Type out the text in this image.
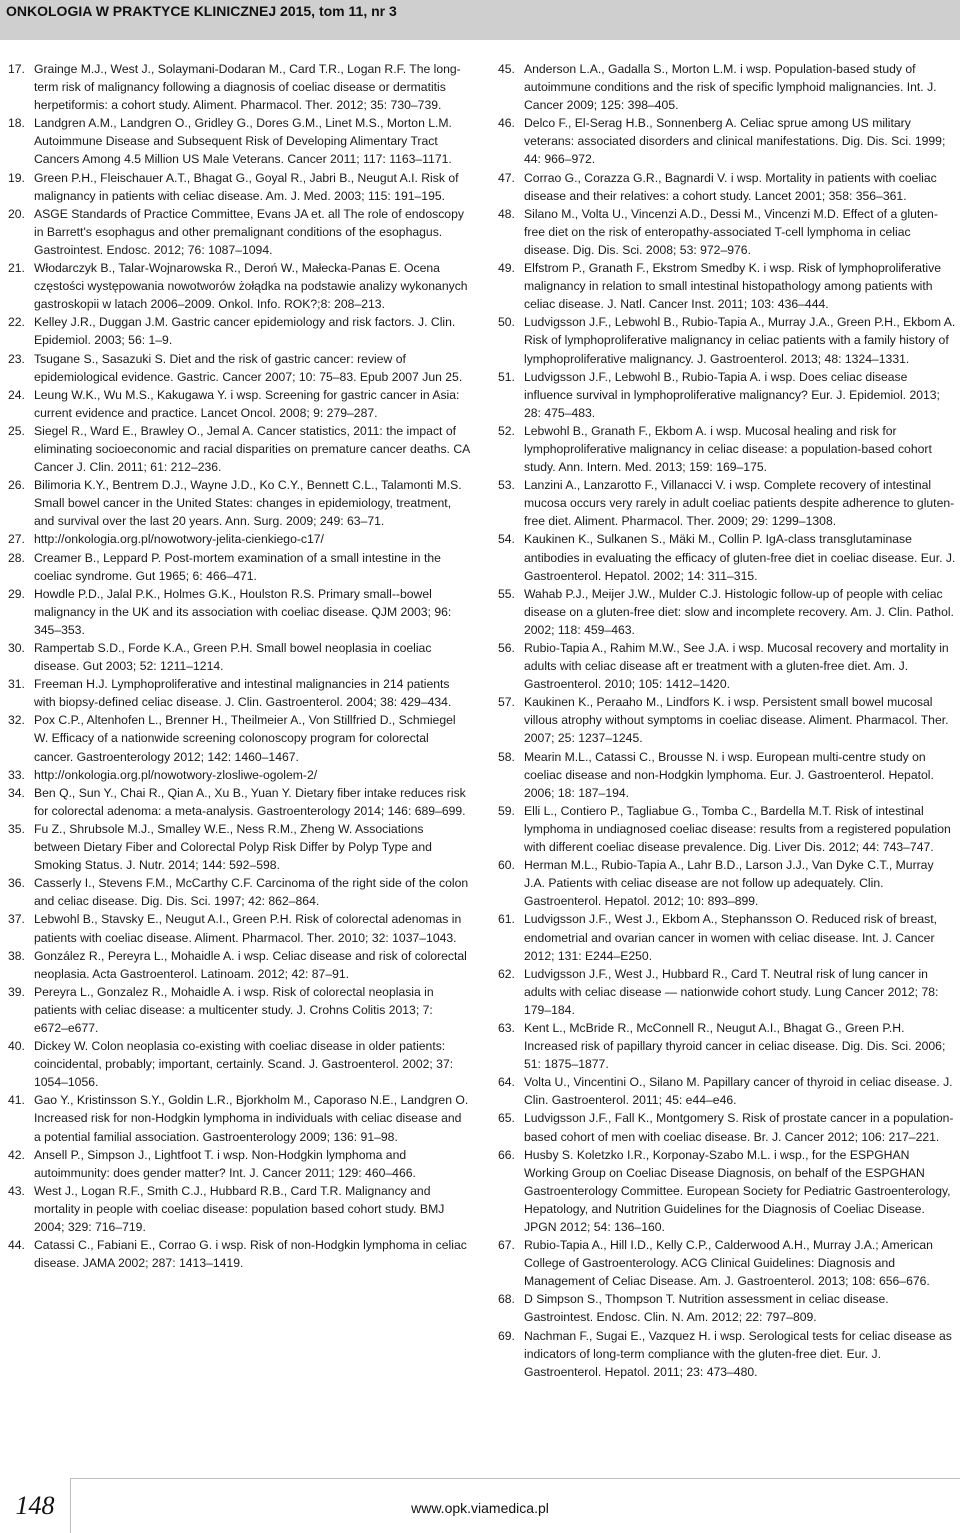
ONKOLOGIA W PRAKTYCE KLINICZNEJ 2015, tom 11, nr 3
17. Grainge M.J., West J., Solaymani-Dodaran M., Card T.R., Logan R.F. The long-term risk of malignancy following a diagnosis of coeliac disease or dermatitis herpetiformis: a cohort study. Aliment. Pharmacol. Ther. 2012; 35: 730–739.
18. Landgren A.M., Landgren O., Gridley G., Dores G.M., Linet M.S., Morton L.M. Autoimmune Disease and Subsequent Risk of Developing Alimentary Tract Cancers Among 4.5 Million US Male Veterans. Cancer 2011; 117: 1163–1171.
19. Green P.H., Fleischauer A.T., Bhagat G., Goyal R., Jabri B., Neugut A.I. Risk of malignancy in patients with celiac disease. Am. J. Med. 2003; 115: 191–195.
20. ASGE Standards of Practice Committee, Evans JA et. all The role of endoscopy in Barrett's esophagus and other premalignant conditions of the esophagus. Gastrointest. Endosc. 2012; 76: 1087–1094.
21. Włodarczyk B., Talar-Wojnarowska R., Deroń W., Małecka-Panas E. Ocena częstości występowania nowotworów żołądka na podstawie analizy wykonanych gastroskopii w latach 2006–2009. Onkol. Info. ROK?;8: 208–213.
22. Kelley J.R., Duggan J.M. Gastric cancer epidemiology and risk factors. J. Clin. Epidemiol. 2003; 56: 1–9.
23. Tsugane S., Sasazuki S. Diet and the risk of gastric cancer: review of epidemiological evidence. Gastric. Cancer 2007; 10: 75–83. Epub 2007 Jun 25.
24. Leung W.K., Wu M.S., Kakugawa Y. i wsp. Screening for gastric cancer in Asia: current evidence and practice. Lancet Oncol. 2008; 9: 279–287.
25. Siegel R., Ward E., Brawley O., Jemal A. Cancer statistics, 2011: the impact of eliminating socioeconomic and racial disparities on premature cancer deaths. CA Cancer J. Clin. 2011; 61: 212–236.
26. Bilimoria K.Y., Bentrem D.J., Wayne J.D., Ko C.Y., Bennett C.L., Talamonti M.S. Small bowel cancer in the United States: changes in epidemiology, treatment, and survival over the last 20 years. Ann. Surg. 2009; 249: 63–71.
27. http://onkologia.org.pl/nowotwory-jelita-cienkiego-c17/
28. Creamer B., Leppard P. Post-mortem examination of a small intestine in the coeliac syndrome. Gut 1965; 6: 466–471.
29. Howdle P.D., Jalal P.K., Holmes G.K., Houlston R.S. Primary small--bowel malignancy in the UK and its association with coeliac disease. QJM 2003; 96: 345–353.
30. Rampertab S.D., Forde K.A., Green P.H. Small bowel neoplasia in coeliac disease. Gut 2003; 52: 1211–1214.
31. Freeman H.J. Lymphoproliferative and intestinal malignancies in 214 patients with biopsy-defined celiac disease. J. Clin. Gastroenterol. 2004; 38: 429–434.
32. Pox C.P., Altenhofen L., Brenner H., Theilmeier A., Von Stillfried D., Schmiegel W. Efficacy of a nationwide screening colonoscopy program for colorectal cancer. Gastroenterology 2012; 142: 1460–1467.
33. http://onkologia.org.pl/nowotwory-zlosliwe-ogolem-2/
34. Ben Q., Sun Y., Chai R., Qian A., Xu B., Yuan Y. Dietary fiber intake reduces risk for colorectal adenoma: a meta-analysis. Gastroenterology 2014; 146: 689–699.
35. Fu Z., Shrubsole M.J., Smalley W.E., Ness R.M., Zheng W. Associations between Dietary Fiber and Colorectal Polyp Risk Differ by Polyp Type and Smoking Status. J. Nutr. 2014; 144: 592–598.
36. Casserly I., Stevens F.M., McCarthy C.F. Carcinoma of the right side of the colon and celiac disease. Dig. Dis. Sci. 1997; 42: 862–864.
37. Lebwohl B., Stavsky E., Neugut A.I., Green P.H. Risk of colorectal adenomas in patients with coeliac disease. Aliment. Pharmacol. Ther. 2010; 32: 1037–1043.
38. González R., Pereyra L., Mohaidle A. i wsp. Celiac disease and risk of colorectal neoplasia. Acta Gastroenterol. Latinoam. 2012; 42: 87–91.
39. Pereyra L., Gonzalez R., Mohaidle A. i wsp. Risk of colorectal neoplasia in patients with celiac disease: a multicenter study. J. Crohns Colitis 2013; 7: e672–e677.
40. Dickey W. Colon neoplasia co-existing with coeliac disease in older patients: coincidental, probably; important, certainly. Scand. J. Gastroenterol. 2002; 37: 1054–1056.
41. Gao Y., Kristinsson S.Y., Goldin L.R., Bjorkholm M., Caporaso N.E., Landgren O. Increased risk for non-Hodgkin lymphoma in individuals with celiac disease and a potential familial association. Gastroenterology 2009; 136: 91–98.
42. Ansell P., Simpson J., Lightfoot T. i wsp. Non-Hodgkin lymphoma and autoimmunity: does gender matter? Int. J. Cancer 2011; 129: 460–466.
43. West J., Logan R.F., Smith C.J., Hubbard R.B., Card T.R. Malignancy and mortality in people with coeliac disease: population based cohort study. BMJ 2004; 329: 716–719.
44. Catassi C., Fabiani E., Corrao G. i wsp. Risk of non-Hodgkin lymphoma in celiac disease. JAMA 2002; 287: 1413–1419.
45. Anderson L.A., Gadalla S., Morton L.M. i wsp. Population-based study of autoimmune conditions and the risk of specific lymphoid malignancies. Int. J. Cancer 2009; 125: 398–405.
46. Delco F., El-Serag H.B., Sonnenberg A. Celiac sprue among US military veterans: associated disorders and clinical manifestations. Dig. Dis. Sci. 1999; 44: 966–972.
47. Corrao G., Corazza G.R., Bagnardi V. i wsp. Mortality in patients with coeliac disease and their relatives: a cohort study. Lancet 2001; 358: 356–361.
48. Silano M., Volta U., Vincenzi A.D., Dessi M., Vincenzi M.D. Effect of a gluten-free diet on the risk of enteropathy-associated T-cell lymphoma in celiac disease. Dig. Dis. Sci. 2008; 53: 972–976.
49. Elfstrom P., Granath F., Ekstrom Smedby K. i wsp. Risk of lymphoproliferative malignancy in relation to small intestinal histopathology among patients with celiac disease. J. Natl. Cancer Inst. 2011; 103: 436–444.
50. Ludvigsson J.F., Lebwohl B., Rubio-Tapia A., Murray J.A., Green P.H., Ekbom A. Risk of lymphoproliferative malignancy in celiac patients with a family history of lymphoproliferative malignancy. J. Gastroenterol. 2013; 48: 1324–1331.
51. Ludvigsson J.F., Lebwohl B., Rubio-Tapia A. i wsp. Does celiac disease influence survival in lymphoproliferative malignancy? Eur. J. Epidemiol. 2013; 28: 475–483.
52. Lebwohl B., Granath F., Ekbom A. i wsp. Mucosal healing and risk for lymphoproliferative malignancy in celiac disease: a population-based cohort study. Ann. Intern. Med. 2013; 159: 169–175.
53. Lanzini A., Lanzarotto F., Villanacci V. i wsp. Complete recovery of intestinal mucosa occurs very rarely in adult coeliac patients despite adherence to gluten-free diet. Aliment. Pharmacol. Ther. 2009; 29: 1299–1308.
54. Kaukinen K., Sulkanen S., Mäki M., Collin P. IgA-class transglutaminase antibodies in evaluating the efficacy of gluten-free diet in coeliac disease. Eur. J. Gastroenterol. Hepatol. 2002; 14: 311–315.
55. Wahab P.J., Meijer J.W., Mulder C.J. Histologic follow-up of people with celiac disease on a gluten-free diet: slow and incomplete recovery. Am. J. Clin. Pathol. 2002; 118: 459–463.
56. Rubio-Tapia A., Rahim M.W., See J.A. i wsp. Mucosal recovery and mortality in adults with celiac disease aft er treatment with a gluten-free diet. Am. J. Gastroenterol. 2010; 105: 1412–1420.
57. Kaukinen K., Peraaho M., Lindfors K. i wsp. Persistent small bowel mucosal villous atrophy without symptoms in coeliac disease. Aliment. Pharmacol. Ther. 2007; 25: 1237–1245.
58. Mearin M.L., Catassi C., Brousse N. i wsp. European multi-centre study on coeliac disease and non-Hodgkin lymphoma. Eur. J. Gastroenterol. Hepatol. 2006; 18: 187–194.
59. Elli L., Contiero P., Tagliabue G., Tomba C., Bardella M.T. Risk of intestinal lymphoma in undiagnosed coeliac disease: results from a registered population with different coeliac disease prevalence. Dig. Liver Dis. 2012; 44: 743–747.
60. Herman M.L., Rubio-Tapia A., Lahr B.D., Larson J.J., Van Dyke C.T., Murray J.A. Patients with celiac disease are not follow up adequately. Clin. Gastroenterol. Hepatol. 2012; 10: 893–899.
61. Ludvigsson J.F., West J., Ekbom A., Stephansson O. Reduced risk of breast, endometrial and ovarian cancer in women with celiac disease. Int. J. Cancer 2012; 131: E244–E250.
62. Ludvigsson J.F., West J., Hubbard R., Card T. Neutral risk of lung cancer in adults with celiac disease — nationwide cohort study. Lung Cancer 2012; 78: 179–184.
63. Kent L., McBride R., McConnell R., Neugut A.I., Bhagat G., Green P.H. Increased risk of papillary thyroid cancer in celiac disease. Dig. Dis. Sci. 2006; 51: 1875–1877.
64. Volta U., Vincentini O., Silano M. Papillary cancer of thyroid in celiac disease. J. Clin. Gastroenterol. 2011; 45: e44–e46.
65. Ludvigsson J.F., Fall K., Montgomery S. Risk of prostate cancer in a population-based cohort of men with coeliac disease. Br. J. Cancer 2012; 106: 217–221.
66. Husby S. Koletzko I.R., Korponay-Szabo M.L. i wsp., for the ESPGHAN Working Group on Coeliac Disease Diagnosis, on behalf of the ESPGHAN Gastroenterology Committee. European Society for Pediatric Gastroenterology, Hepatology, and Nutrition Guidelines for the Diagnosis of Coeliac Disease. JPGN 2012; 54: 136–160.
67. Rubio-Tapia A., Hill I.D., Kelly C.P., Calderwood A.H., Murray J.A.; American College of Gastroenterology. ACG Clinical Guidelines: Diagnosis and Management of Celiac Disease. Am. J. Gastroenterol. 2013; 108: 656–676.
68. D Simpson S., Thompson T. Nutrition assessment in celiac disease. Gastrointest. Endosc. Clin. N. Am. 2012; 22: 797–809.
69. Nachman F., Sugai E., Vazquez H. i wsp. Serological tests for celiac disease as indicators of long-term compliance with the gluten-free diet. Eur. J. Gastroenterol. Hepatol. 2011; 23: 473–480.
148	www.opk.viamedica.pl
